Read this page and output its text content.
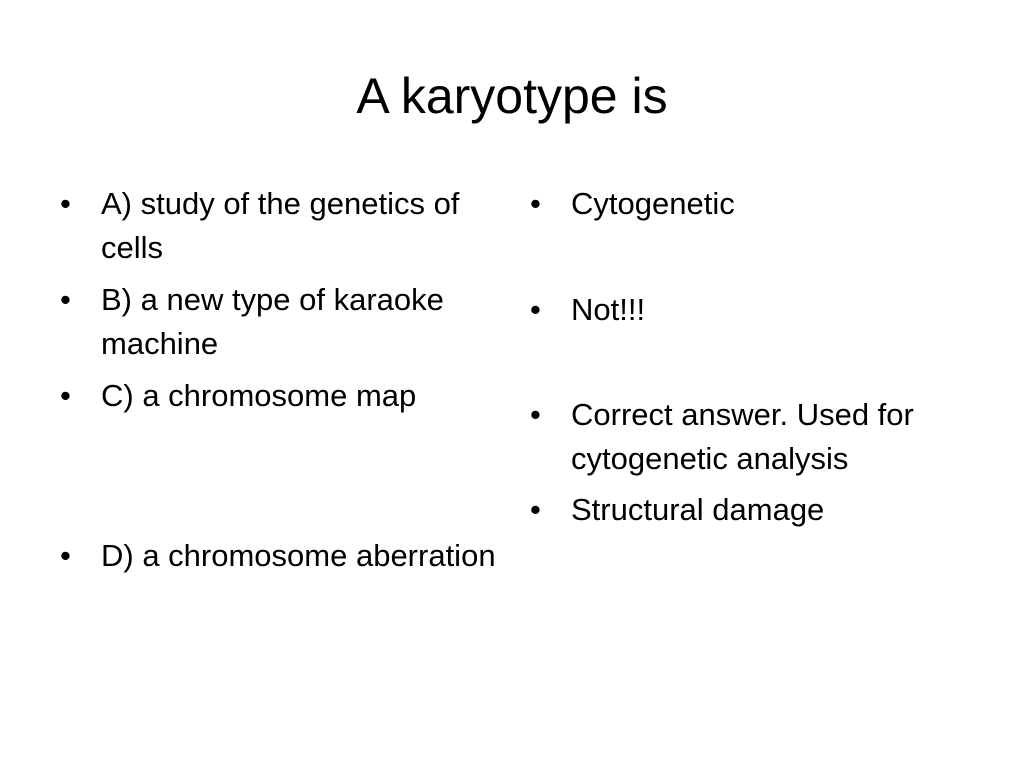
A karyotype is
• A) study of the genetics of cells
• B) a new type of karaoke machine
• C) a chromosome map
• D) a chromosome aberration
• Cytogenetic
• Not!!!
• Correct answer. Used for cytogenetic analysis
• Structural damage
